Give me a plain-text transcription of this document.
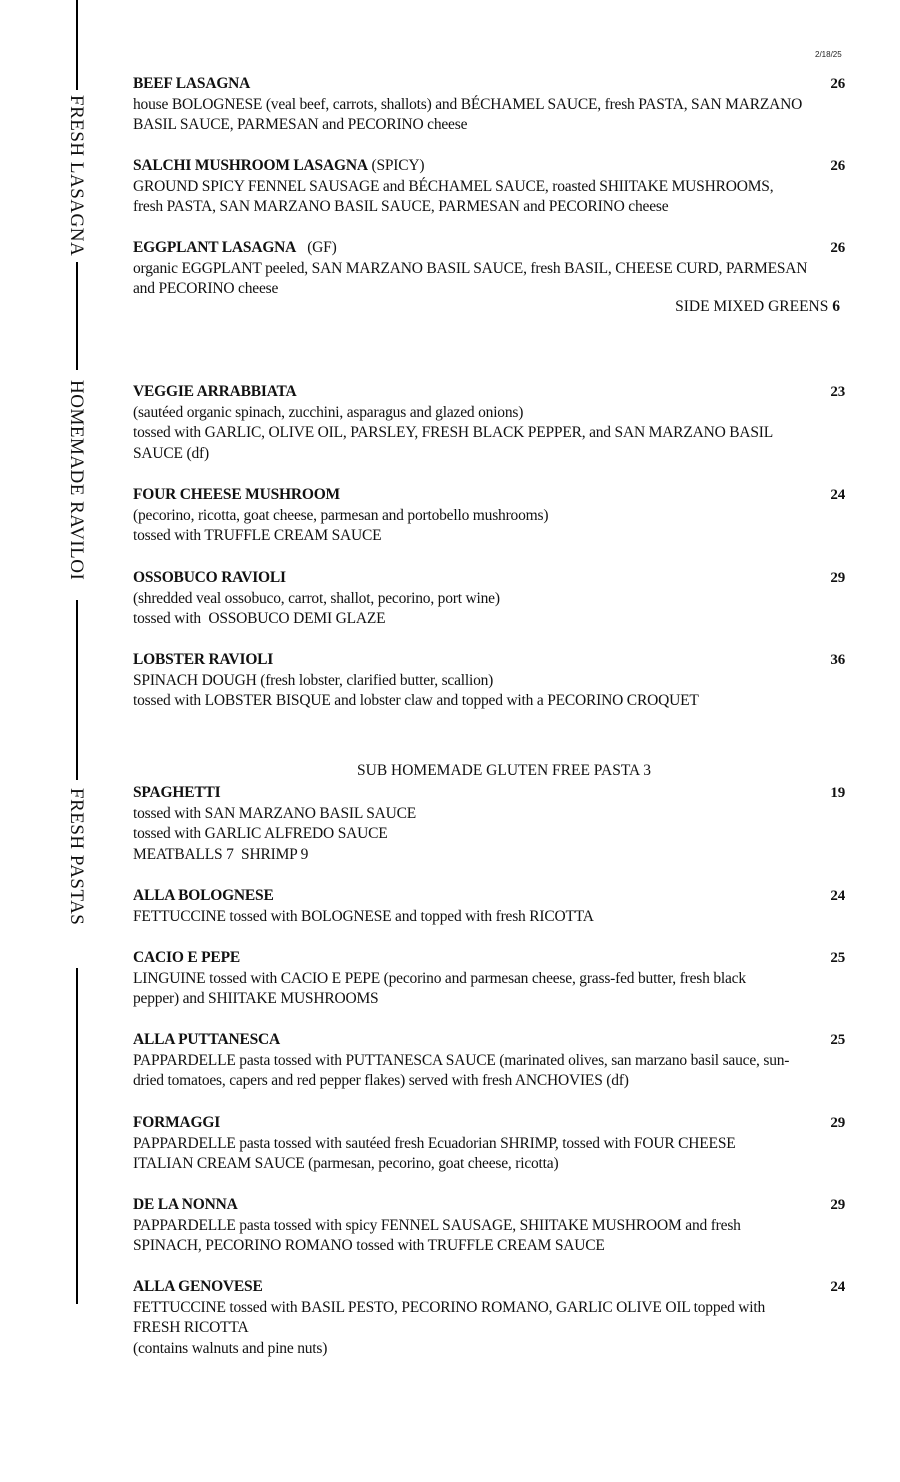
2/18/25
FRESH LASAGNA
HOMEMADE RAVILOI
FRESH PASTAS
BEEF LASAGNA	26
house BOLOGNESE (veal beef, carrots, shallots) and BÉCHAMEL SAUCE, fresh PASTA, SAN MARZANO
BASIL SAUCE, PARMESAN and PECORINO cheese
SALCHI MUSHROOM LASAGNA (SPICY)	26
GROUND SPICY FENNEL SAUSAGE and BÉCHAMEL SAUCE, roasted SHIITAKE MUSHROOMS,
fresh PASTA, SAN MARZANO BASIL SAUCE, PARMESAN and PECORINO cheese
EGGPLANT LASAGNA   (GF)	26
organic EGGPLANT peeled, SAN MARZANO BASIL SAUCE, fresh BASIL, CHEESE CURD, PARMESAN
and PECORINO cheese
SIDE MIXED GREENS 6
VEGGIE ARRABBIATA	23
(sautéed organic spinach, zucchini, asparagus and glazed onions)
tossed with GARLIC, OLIVE OIL, PARSLEY, FRESH BLACK PEPPER, and SAN MARZANO BASIL
SAUCE (df)
FOUR CHEESE MUSHROOM	24
(pecorino, ricotta, goat cheese, parmesan and portobello mushrooms)
tossed with TRUFFLE CREAM SAUCE
OSSOBUCO RAVIOLI	29
(shredded veal ossobuco, carrot, shallot, pecorino, port wine)
tossed with  OSSOBUCO DEMI GLAZE
LOBSTER RAVIOLI	36
SPINACH DOUGH (fresh lobster, clarified butter, scallion)
tossed with LOBSTER BISQUE and lobster claw and topped with a PECORINO CROQUET
SUB HOMEMADE GLUTEN FREE PASTA 3
SPAGHETTI	19
tossed with SAN MARZANO BASIL SAUCE
tossed with GARLIC ALFREDO SAUCE
MEATBALLS 7  SHRIMP 9
ALLA BOLOGNESE	24
FETTUCCINE tossed with BOLOGNESE and topped with fresh RICOTTA
CACIO E PEPE	25
LINGUINE tossed with CACIO E PEPE (pecorino and parmesan cheese, grass-fed butter, fresh black
pepper) and SHIITAKE MUSHROOMS
ALLA PUTTANESCA	25
PAPPARDELLE pasta tossed with PUTTANESCA SAUCE (marinated olives, san marzano basil sauce, sun-
dried tomatoes, capers and red pepper flakes) served with fresh ANCHOVIES (df)
FORMAGGI	29
PAPPARDELLE pasta tossed with sautéed fresh Ecuadorian SHRIMP, tossed with FOUR CHEESE
ITALIAN CREAM SAUCE (parmesan, pecorino, goat cheese, ricotta)
DE LA NONNA	29
PAPPARDELLE pasta tossed with spicy FENNEL SAUSAGE, SHIITAKE MUSHROOM and fresh
SPINACH, PECORINO ROMANO tossed with TRUFFLE CREAM SAUCE
ALLA GENOVESE	24
FETTUCCINE tossed with BASIL PESTO, PECORINO ROMANO, GARLIC OLIVE OIL topped with
FRESH RICOTTA
(contains walnuts and pine nuts)
